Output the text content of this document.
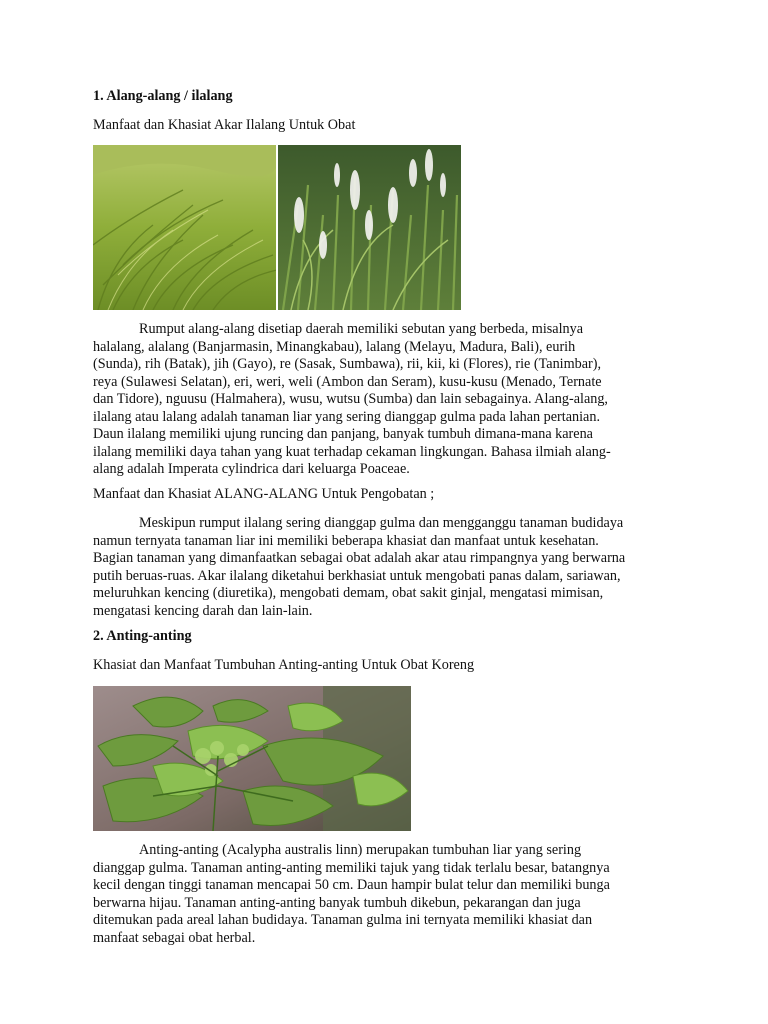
1. Alang-alang / ilalang
Manfaat dan Khasiat Akar Ilalang Untuk Obat

Rumput alang-alang disetiap daerah memiliki sebutan yang berbeda, misalnya
halalang, alalang (Banjarmasin, Minangkabau), lalang (Melayu, Madura, Bali), eurih
(Sunda), rih (Batak), jih (Gayo), re (Sasak, Sumbawa), rii, kii, ki (Flores), rie (Tanimbar),
reya (Sulawesi Selatan), eri, weri, weli (Ambon dan Seram), kusu-kusu (Menado, Ternate
dan Tidore), nguusu (Halmahera), wusu, wutsu (Sumba) dan lain sebagainya. Alang-alang,
ilalang atau lalang adalah tanaman liar yang sering dianggap gulma pada lahan pertanian.
Daun ilalang memiliki ujung runcing dan panjang, banyak tumbuh dimana-mana karena
ilalang memiliki daya tahan yang kuat terhadap cekaman lingkungan. Bahasa ilmiah alang-
alang adalah Imperata cylindrica dari keluarga Poaceae.

Manfaat dan Khasiat ALANG-ALANG Untuk Pengobatan ;

Meskipun rumput ilalang sering dianggap gulma dan mengganggu tanaman budidaya
namun ternyata tanaman liar ini memiliki beberapa khasiat dan manfaat untuk kesehatan.
Bagian tanaman yang dimanfaatkan sebagai obat adalah akar atau rimpangnya yang berwarna
putih beruas-ruas. Akar ilalang diketahui berkhasiat untuk mengobati panas dalam, sariawan,
meluruhkan kencing (diuretika), mengobati demam, obat sakit ginjal, mengatasi mimisan,
mengatasi kencing darah dan lain-lain.

2. Anting-anting
Khasiat dan Manfaat Tumbuhan Anting-anting Untuk Obat Koreng

Anting-anting (Acalypha australis linn) merupakan tumbuhan liar yang sering
dianggap gulma. Tanaman anting-anting memiliki tajuk yang tidak terlalu besar, batangnya
kecil dengan tinggi tanaman mencapai 50 cm. Daun hampir bulat telur dan memiliki bunga
berwarna hijau. Tanaman anting-anting banyak tumbuh dikebun, pekarangan dan juga
ditemukan pada areal lahan budidaya. Tanaman gulma ini ternyata memiliki khasiat dan
manfaat sebagai obat herbal.
